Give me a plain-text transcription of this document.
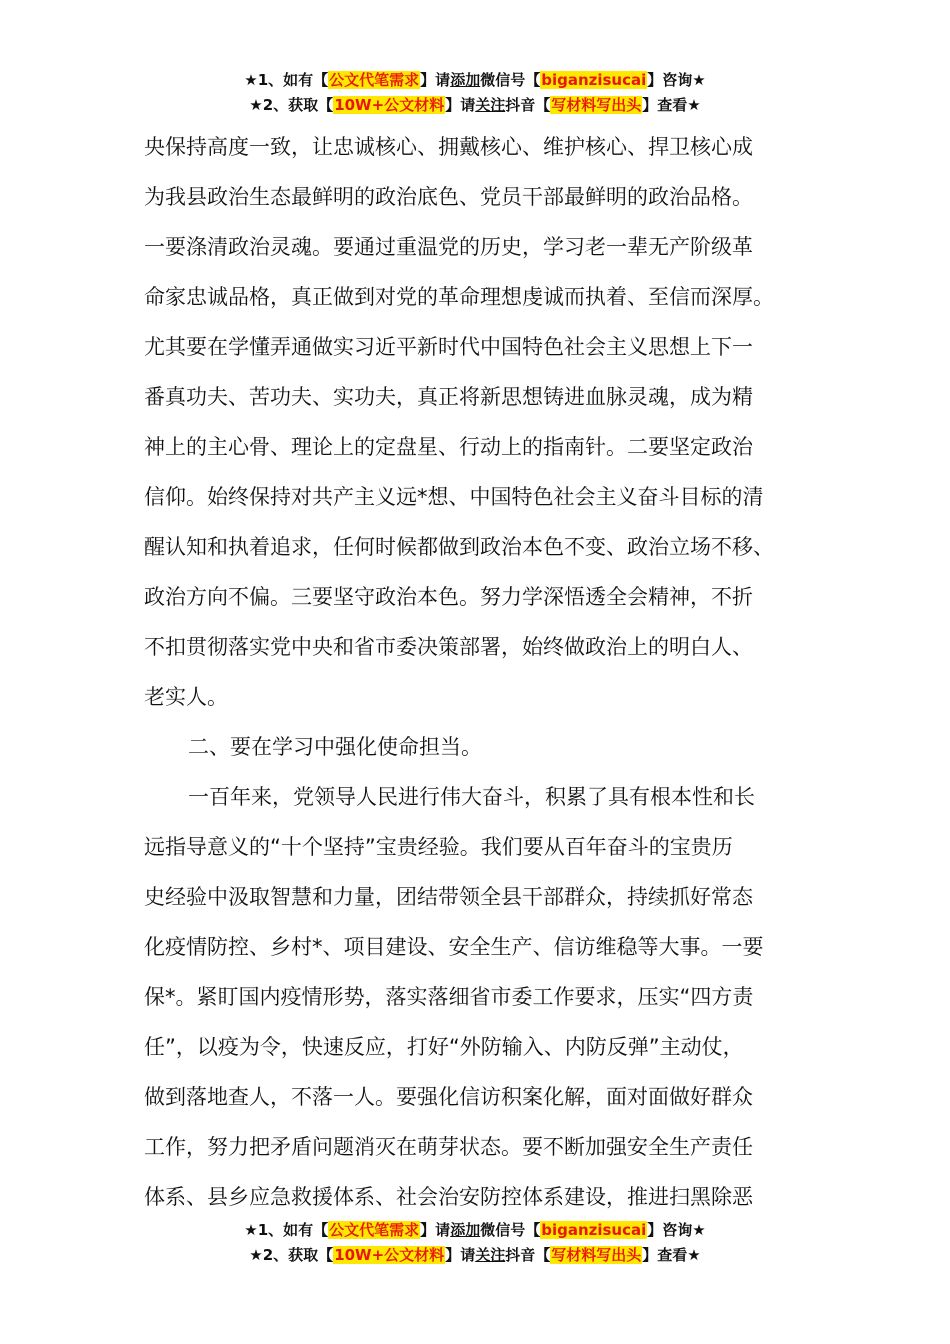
★1、如有【公文代笔需求】请添加微信号【biganzisucai】咨询★
★2、获取【10W+公文材料】请关注抖音【写材料写出头】查看★
央保持高度一致，让忠诚核心、拥戴核心、维护核心、捍卫核心成
为我县政治生态最鲜明的政治底色、党员干部最鲜明的政治品格。
一要涤清政治灵魂。要通过重温党的历史，学习老一辈无产阶级革
命家忠诚品格，真正做到对党的革命理想虔诚而执着、至信而深厚。
尤其要在学懂弄通做实习近平新时代中国特色社会主义思想上下一
番真功夫、苦功夫、实功夫，真正将新思想铸进血脉灵魂，成为精
神上的主心骨、理论上的定盘星、行动上的指南针。二要坚定政治
信仰。始终保持对共产主义远*想、中国特色社会主义奋斗目标的清
醒认知和执着追求，任何时候都做到政治本色不变、政治立场不移、
政治方向不偏。三要坚守政治本色。努力学深悟透全会精神，不折
不扣贯彻落实党中央和省市委决策部署，始终做政治上的明白人、
老实人。
二、要在学习中强化使命担当。
一百年来，党领导人民进行伟大奋斗，积累了具有根本性和长
远指导意义的“十个坚持”宝贵经验。我们要从百年奋斗的宝贵历
史经验中汲取智慧和力量，团结带领全县干部群众，持续抓好常态
化疫情防控、乡村*、项目建设、安全生产、信访维稳等大事。一要
保*。紧盯国内疫情形势，落实落细省市委工作要求，压实“四方责
任”，以疫为令，快速反应，打好“外防输入、内防反弹”主动仗，
做到落地查人，不落一人。要强化信访积案化解，面对面做好群众
工作，努力把矛盾问题消灭在萌芽状态。要不断加强安全生产责任
体系、县乡应急救援体系、社会治安防控体系建设，推进扫黑除恶
★1、如有【公文代笔需求】请添加微信号【biganzisucai】咨询★
★2、获取【10W+公文材料】请关注抖音【写材料写出头】查看★
